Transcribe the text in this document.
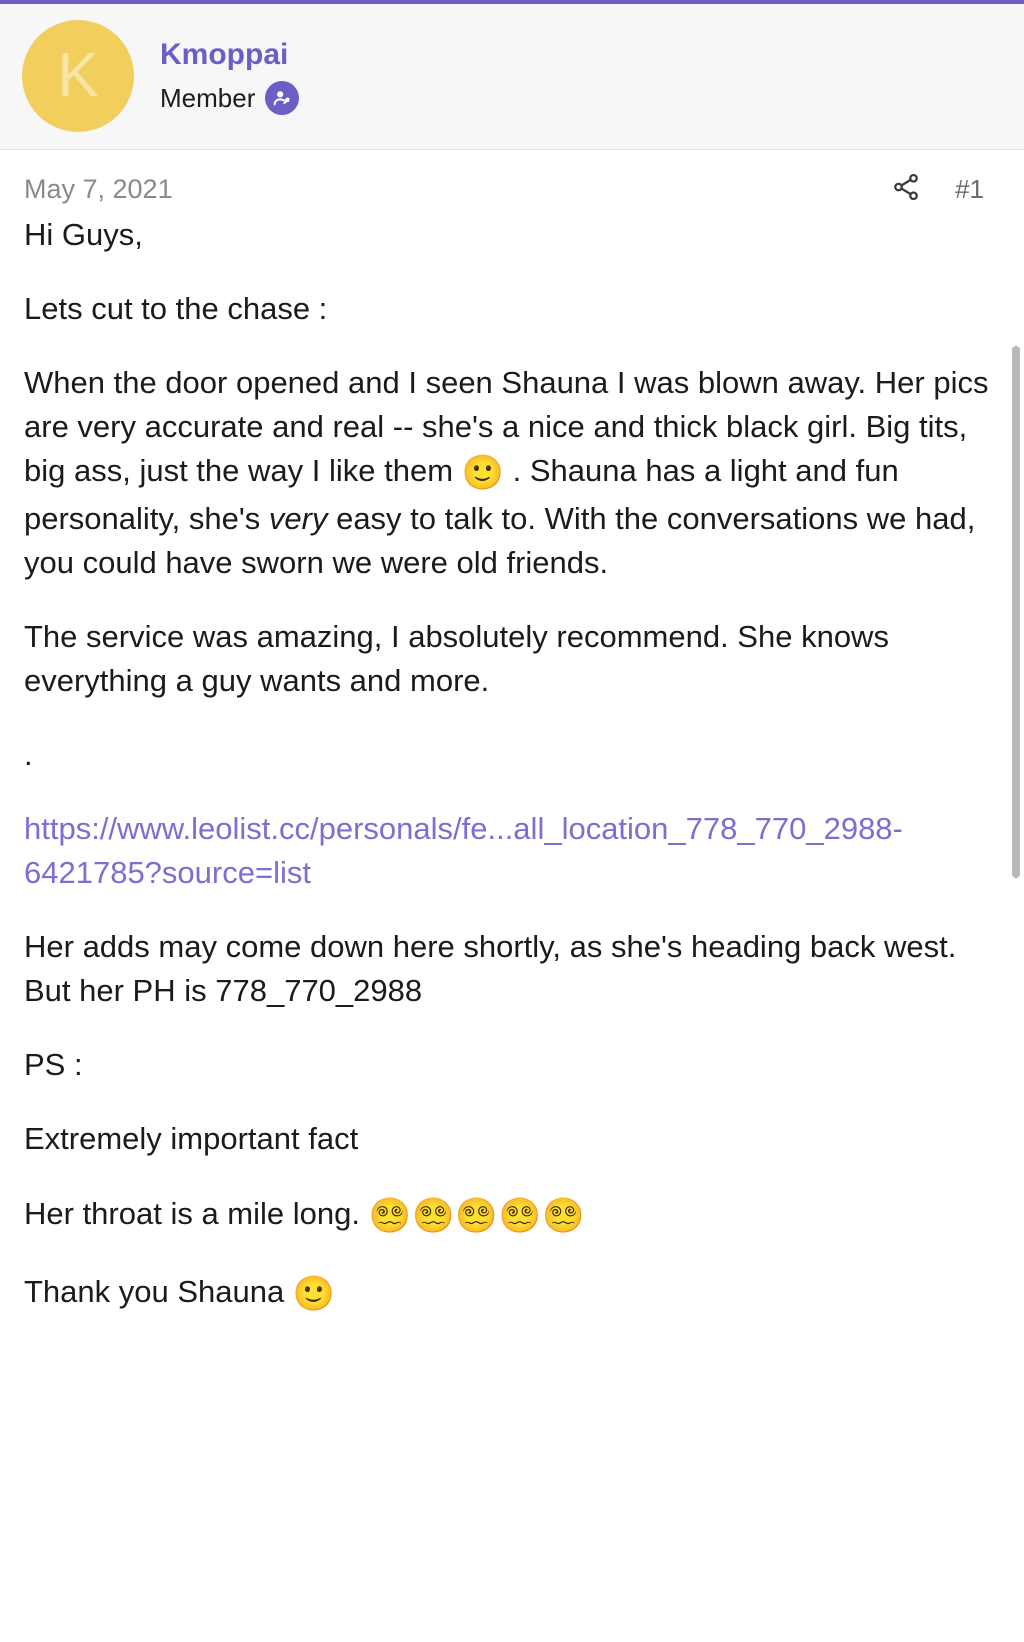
K	Kmoppai
Member
May 7, 2021	#1

Hi Guys,

Lets cut to the chase :

When the door opened and I seen Shauna I was blown away. Her pics are very accurate and real -- she's a nice and thick black girl. Big tits, big ass, just the way I like them 🙂 . Shauna has a light and fun personality, she's very easy to talk to. With the conversations we had, you could have sworn we were old friends.

The service was amazing, I absolutely recommend. She knows everything a guy wants and more.

.

https://www.leolist.cc/personals/fe...all_location_778_770_2988-6421785?source=list

Her adds may come down here shortly, as she's heading back west. But her PH is 778_770_2988

PS :

Extremely important fact

Her throat is a mile long. 😵‍💫😵‍💫😵‍💫😵‍💫😵‍💫

Thank you Shauna 🙂
